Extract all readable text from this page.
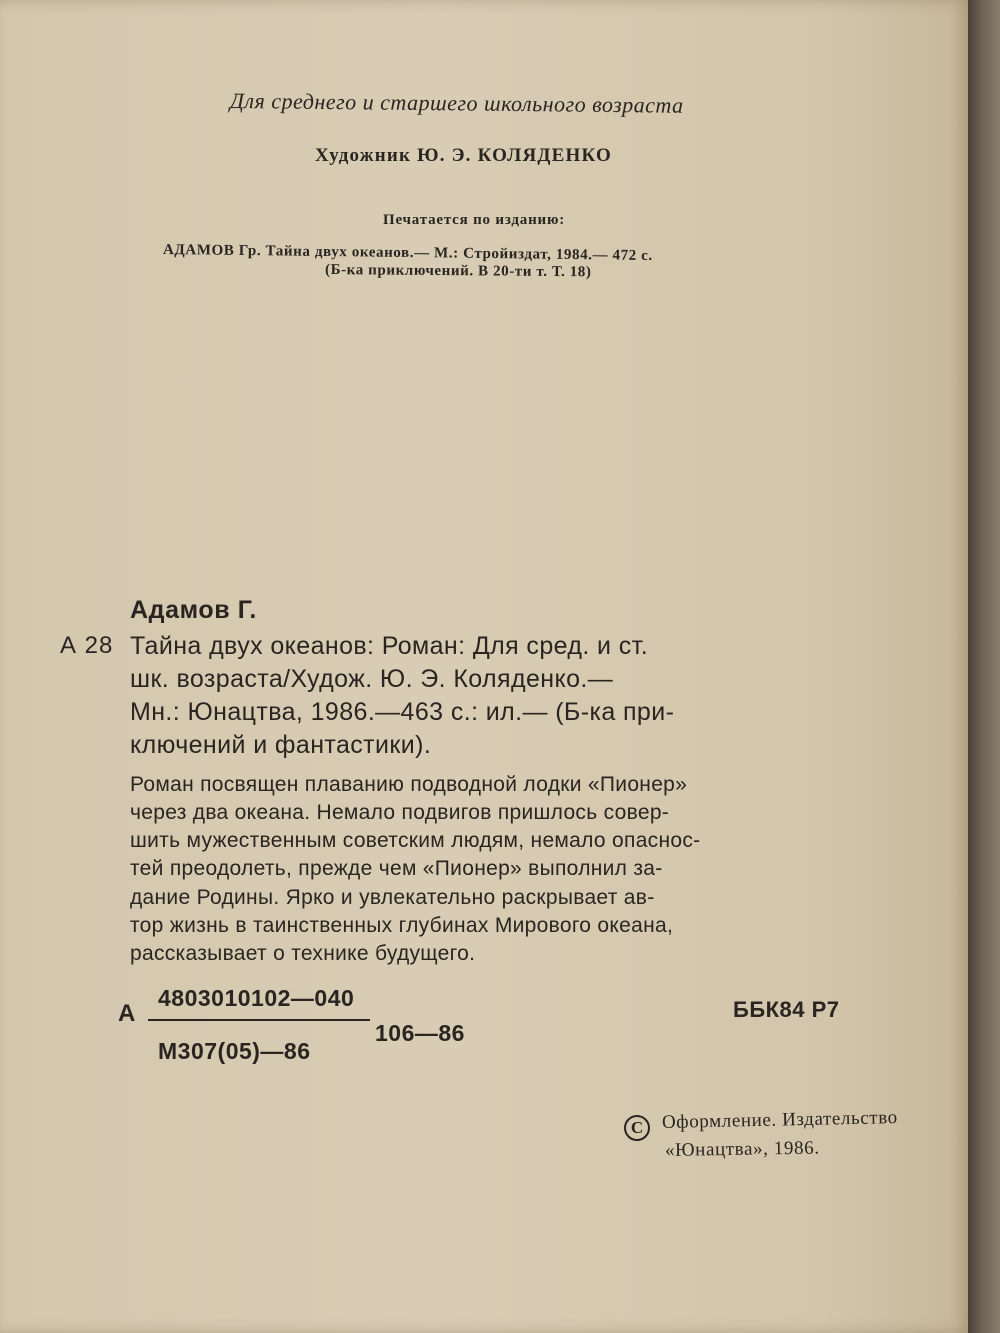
Для среднего и старшего школьного возраста

Художник Ю. Э. КОЛЯДЕНКО

Печатается по изданию:

АДАМОВ Гр. Тайна двух океанов.— М.: Стройиздат, 1984.— 472 с.

(Б-ка приключений. В 20-ти т. Т. 18)

Адамов Г.

А 28 Тайна двух океанов: Роман: Для сред. и ст.

шк. возраста/Худож. Ю. Э. Коляденко.—

Мн.: Юнацтва, 1986.—463 с.: ил.— (Б-ка при-

ключений и фантастики).

Роман посвящен плаванию подводной лодки «Пионер»

через два океана. Немало подвигов пришлось совер-

шить мужественным советским людям, немало опаснос-

тей преодолеть, прежде чем «Пионер» выполнил за-

дание Родины. Ярко и увлекательно раскрывает ав-

тор жизнь в таинственных глубинах Мирового океана,

рассказывает о технике будущего.

А

4803010102—040

106—86

М307(05)—86

ББК84 Р7

C Оформление. Издательство

«Юнацтва», 1986.
